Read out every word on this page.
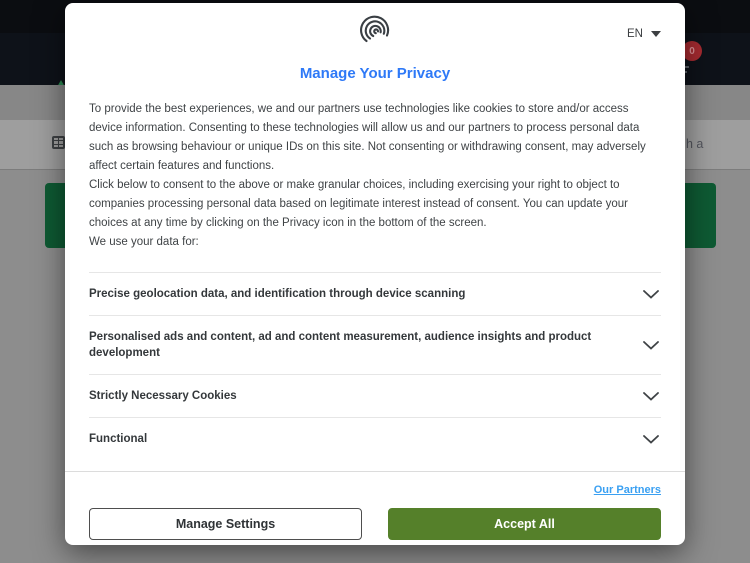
0
h a
EN
Manage Your Privacy

To provide the best experiences, we and our partners use technologies like cookies to store and/or access device information. Consenting to these technologies will allow us and our partners to process personal data such as browsing behaviour or unique IDs on this site. Not consenting or withdrawing consent, may adversely affect certain features and functions.

Click below to consent to the above or make granular choices, including exercising your right to object to companies processing personal data based on legitimate interest instead of consent. You can update your choices at any time by clicking on the Privacy icon in the bottom of the screen.

We use your data for:

Precise geolocation data, and identification through device scanning
Personalised ads and content, ad and content measurement, audience insights and product development
Strictly Necessary Cookies
Functional
Our Partners
Manage Settings	Accept All
